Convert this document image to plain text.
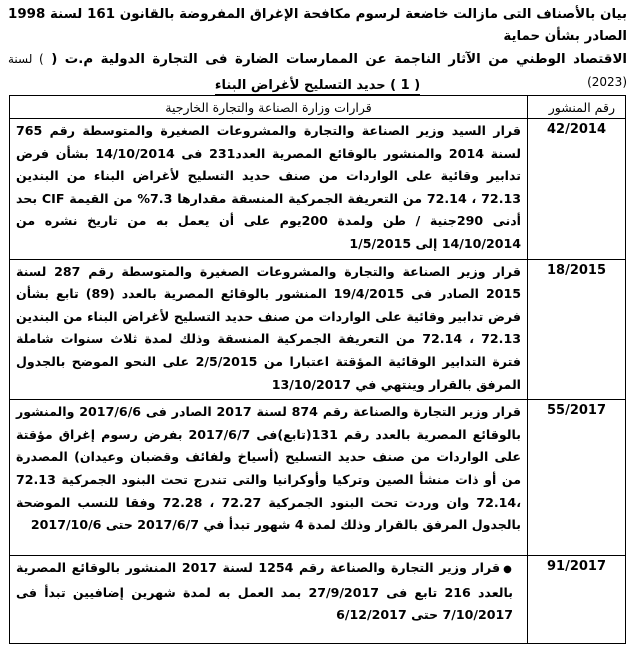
بيان بالأصناف التى مازالت خاضعة لرسوم مكافحة الإغراق المفروضة بالقانون 161 لسنة 1998 الصادر بشأن حماية
الاقتصاد الوطني من الآثار الناجمة عن الممارسات الضارة فى التجارة الدولية م.ت ( ) لسنة (2023)
( 1 ) حديد التسليح لأغراض البناء
رقم المنشور	قرارات وزارة الصناعة والتجارة الخارجية
42/2014	قرار السيد وزير الصناعة والتجارة والمشروعات الصغيرة والمتوسطة رقم 765 لسنة 2014 والمنشور بالوقائع المصرية العدد231 فى 14/10/2014 بشأن فرض تدابير وقائية على الواردات من صنف حديد التسليح لأغراض البناء من البندين 72.13 ، 72.14 من التعريفة الجمركية المنسقة مقدارها 7.3% من القيمة CIF بحد أدنى 290جنية / طن ولمدة 200يوم على أن يعمل به من تاريخ نشره من 14/10/2014 إلى 1/5/2015
18/2015	قرار وزير الصناعة والتجارة والمشروعات الصغيرة والمتوسطة رقم 287 لسنة 2015 الصادر فى 19/4/2015 المنشور بالوقائع المصرية بالعدد (89) تابع بشأن فرض تدابير وقائية على الواردات من صنف حديد التسليح لأغراض البناء من البندين 72.13 ، 72.14 من التعريفة الجمركية المنسقة وذلك لمدة ثلاث سنوات شاملة فترة التدابير الوقائية المؤقتة اعتبارا من 2/5/2015 على النحو الموضح بالجدول المرفق بالقرار وينتهي في 13/10/2017
55/2017	قرار وزير التجارة والصناعة رقم 874 لسنة 2017 الصادر فى 2017/6/6 والمنشور بالوقائع المصرية بالعدد رقم 131(تابع)فى 2017/6/7 بفرض رسوم إغراق مؤقتة على الواردات من صنف حديد التسليح (أسياخ ولفائف وقضبان وعيدان) المصدرة من أو ذات منشأ الصين وتركيا وأوكرانيا والتى تندرج تحت البنود الجمركية 72.13 ،72.14 وان وردت تحت البنود الجمركية 72.27 ، 72.28 وفقا للنسب الموضحة بالجدول المرفق بالقرار وذلك لمدة 4 شهور تبدأ في 2017/6/7 حتى 2017/10/6
91/2017	●قرار وزير التجارة والصناعة رقم 1254 لسنة 2017 المنشور بالوقائع المصرية بالعدد 216 تابع فى 27/9/2017 بمد العمل به لمدة شهرين إضافيين تبدأ فى 7/10/2017 حتى 6/12/2017
